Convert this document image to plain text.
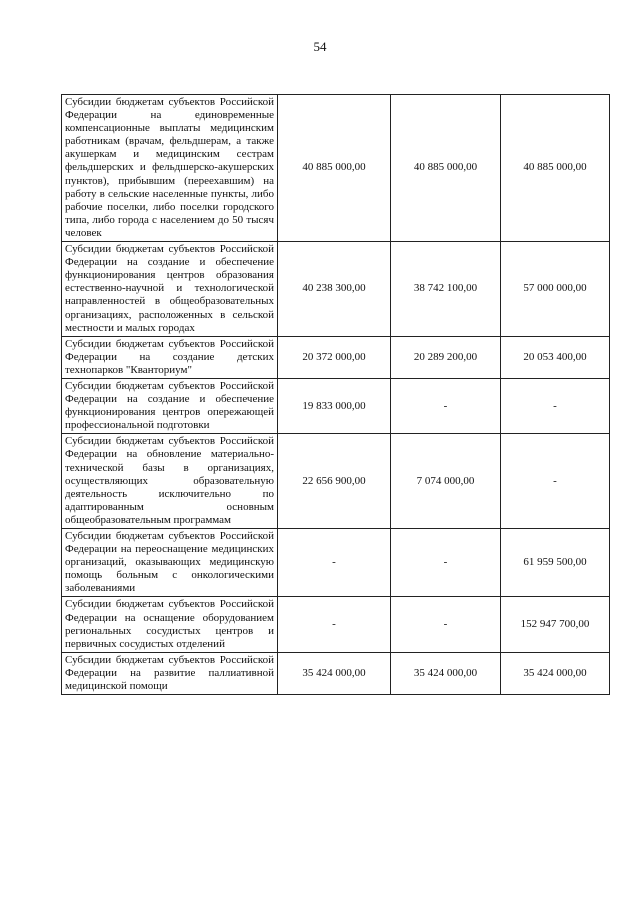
54
Субсидии бюджетам субъектов Российской Федерации на единовременные компенсационные выплаты медицинским работникам (врачам, фельдшерам, а также акушеркам и медицинским сестрам фельдшерских и фельдшерско-акушерских пунктов), прибывшим (переехавшим) на работу в сельские населенные пункты, либо рабочие поселки, либо поселки городского типа, либо города с населением до 50 тысяч человек	40 885 000,00	40 885 000,00	40 885 000,00
Субсидии бюджетам субъектов Российской Федерации на создание и обеспечение функционирования центров образования естественно-научной и технологической направленностей в общеобразовательных организациях, расположенных в сельской местности и малых городах	40 238 300,00	38 742 100,00	57 000 000,00
Субсидии бюджетам субъектов Российской Федерации на создание детских технопарков "Кванториум"	20 372 000,00	20 289 200,00	20 053 400,00
Субсидии бюджетам субъектов Российской Федерации на создание и обеспечение функционирования центров опережающей профессиональной подготовки	19 833 000,00	-	-
Субсидии бюджетам субъектов Российской Федерации на обновление материально-технической базы в организациях, осуществляющих образовательную деятельность исключительно по адаптированным основным общеобразовательным программам	22 656 900,00	7 074 000,00	-
Субсидии бюджетам субъектов Российской Федерации на переоснащение медицинских организаций, оказывающих медицинскую помощь больным с онкологическими заболеваниями	-	-	61 959 500,00
Субсидии бюджетам субъектов Российской Федерации на оснащение оборудованием региональных сосудистых центров и первичных сосудистых отделений	-	-	152 947 700,00
Субсидии бюджетам субъектов Российской Федерации на развитие паллиативной медицинской помощи	35 424 000,00	35 424 000,00	35 424 000,00
